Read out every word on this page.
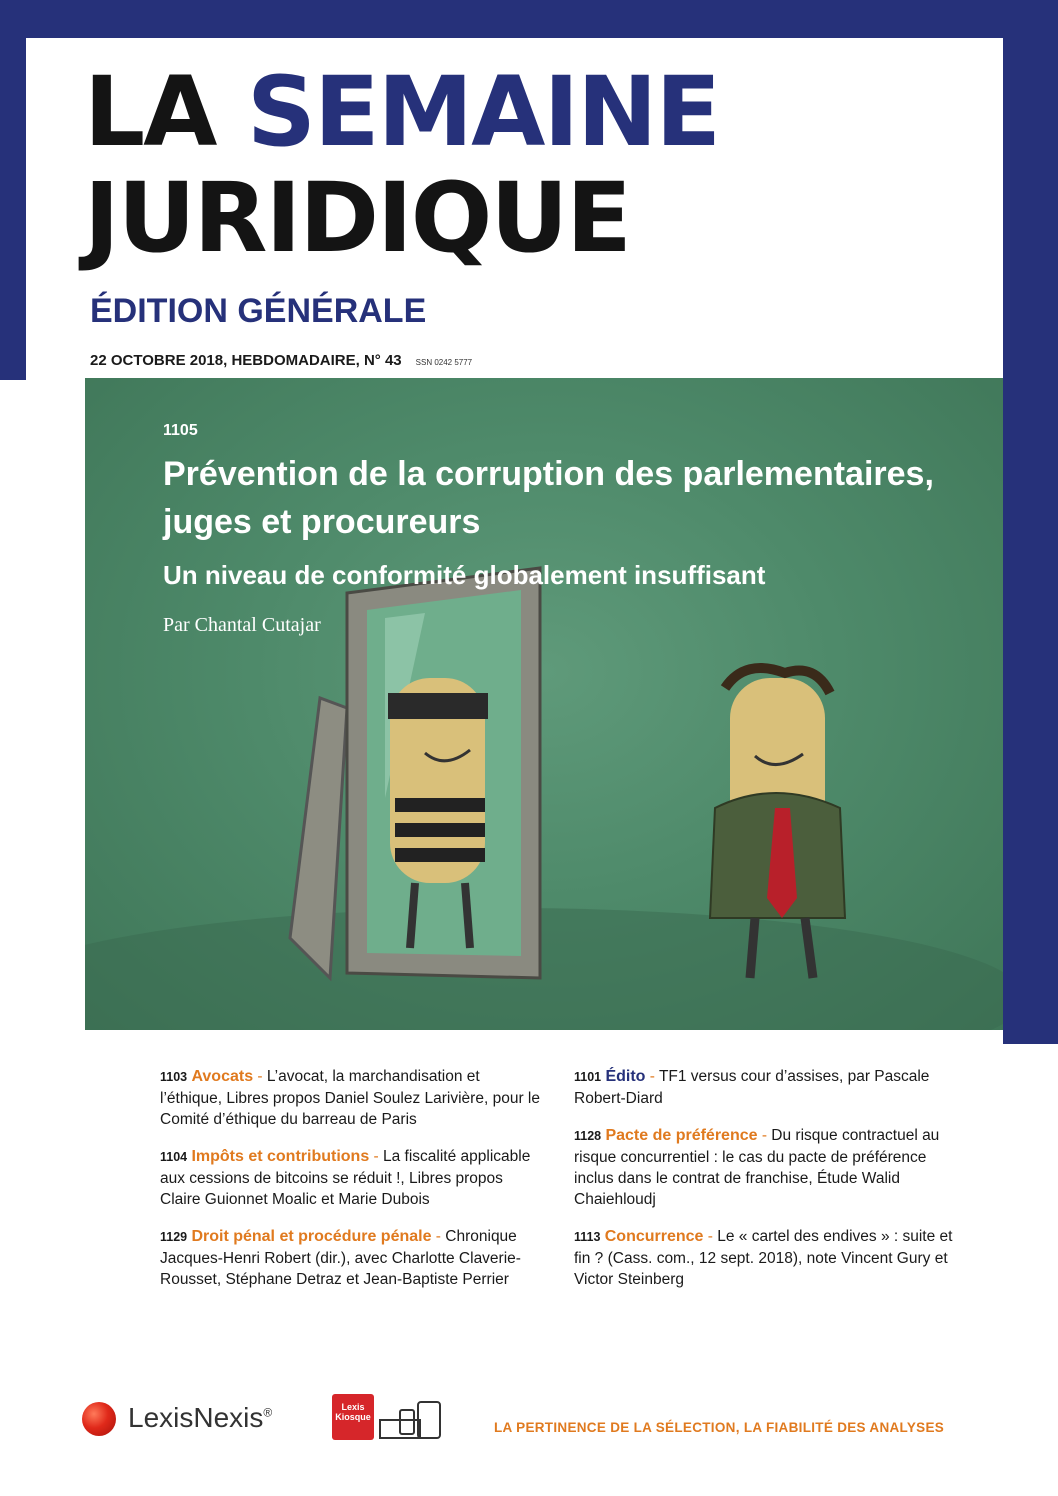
LA SEMAINE
JURIDIQUE
ÉDITION GÉNÉRALE
22 OCTOBRE 2018, HEBDOMADAIRE, N° 43 SSN 0242 5777
1105
Prévention de la corruption des parlementaires, juges et procureurs
Un niveau de conformité globalement insuffisant
Par Chantal Cutajar
1103 Avocats - L’avocat, la marchandisation et l’éthique, Libres propos Daniel Soulez Larivière, pour le Comité d’éthique du barreau de Paris
1104 Impôts et contributions - La fiscalité applicable aux cessions de bitcoins se réduit !, Libres propos Claire Guionnet Moalic et Marie Dubois
1129 Droit pénal et procédure pénale - Chronique Jacques-Henri Robert (dir.), avec Charlotte Claverie-Rousset, Stéphane Detraz et Jean-Baptiste Perrier
1101 Édito - TF1 versus cour d’assises, par Pascale Robert-Diard
1128 Pacte de préférence - Du risque contractuel au risque concurrentiel : le cas du pacte de préférence inclus dans le contrat de franchise, Étude Walid Chaiehloudj
1113 Concurrence - Le « cartel des endives » : suite et fin ? (Cass. com., 12 sept. 2018), note Vincent Gury et Victor Steinberg
LexisNexis®	Lexis
Kiosque
LA PERTINENCE DE LA SÉLECTION, LA FIABILITÉ DES ANALYSES
